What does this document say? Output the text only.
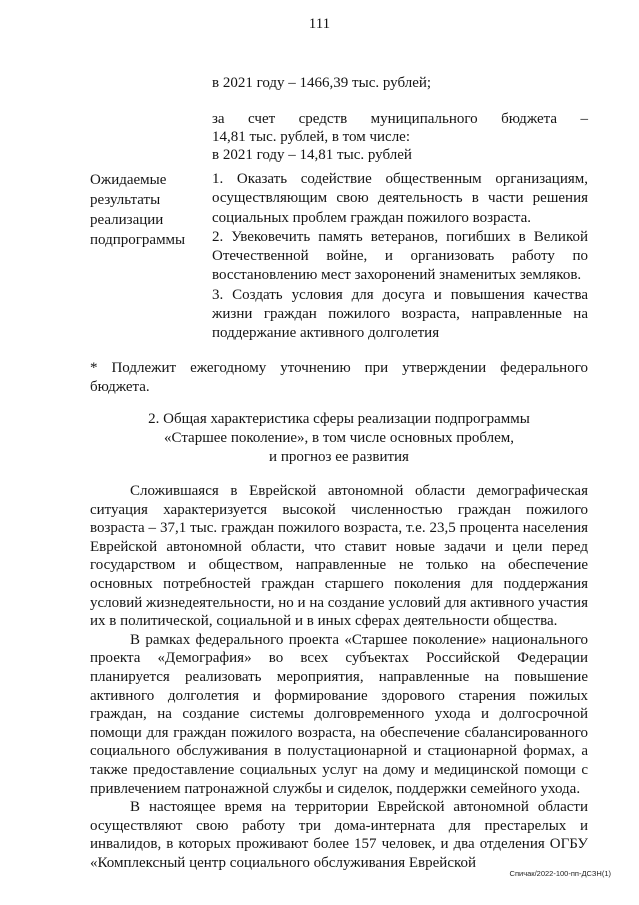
111
в 2021 году – 1466,39 тыс. рублей;
за счет средств муниципального бюджета –
14,81 тыс. рублей, в том числе:
в 2021 году – 14,81 тыс. рублей
Ожидаемые
результаты
реализации
подпрограммы
1. Оказать содействие общественным организациям, осуществляющим свою деятельность в части решения социальных проблем граждан пожилого возраста.
2. Увековечить память ветеранов, погибших в Великой Отечественной войне, и организовать работу по восстановлению мест захоронений знаменитых земляков.
3. Создать условия для досуга и повышения качества жизни граждан пожилого возраста, направленные на поддержание активного долголетия
* Подлежит ежегодному уточнению при утверждении федерального бюджета.
2. Общая характеристика сферы реализации подпрограммы
«Старшее поколение», в том числе основных проблем,
и прогноз ее развития

Сложившаяся в Еврейской автономной области демографическая ситуация характеризуется высокой численностью граждан пожилого возраста – 37,1 тыс. граждан пожилого возраста, т.е. 23,5 процента населения Еврейской автономной области, что ставит новые задачи и цели перед государством и обществом, направленные не только на обеспечение основных потребностей граждан старшего поколения для поддержания условий жизнедеятельности, но и на создание условий для активного участия их в политической, социальной и в иных сферах деятельности общества.

В рамках федерального проекта «Старшее поколение» национального проекта «Демография» во всех субъектах Российской Федерации планируется реализовать мероприятия, направленные на повышение активного долголетия и формирование здорового старения пожилых граждан, на создание системы долговременного ухода и долгосрочной помощи для граждан пожилого возраста, на обеспечение сбалансированного социального обслуживания в полустационарной и стационарной формах, а также предоставление социальных услуг на дому и медицинской помощи с привлечением патронажной службы и сиделок, поддержки семейного ухода.

В настоящее время на территории Еврейской автономной области осуществляют свою работу три дома-интерната для престарелых и инвалидов, в которых проживают более 157 человек, и два отделения ОГБУ «Комплексный центр социального обслуживания Еврейской

Спичак/2022-100-пп-ДСЗН(1)
